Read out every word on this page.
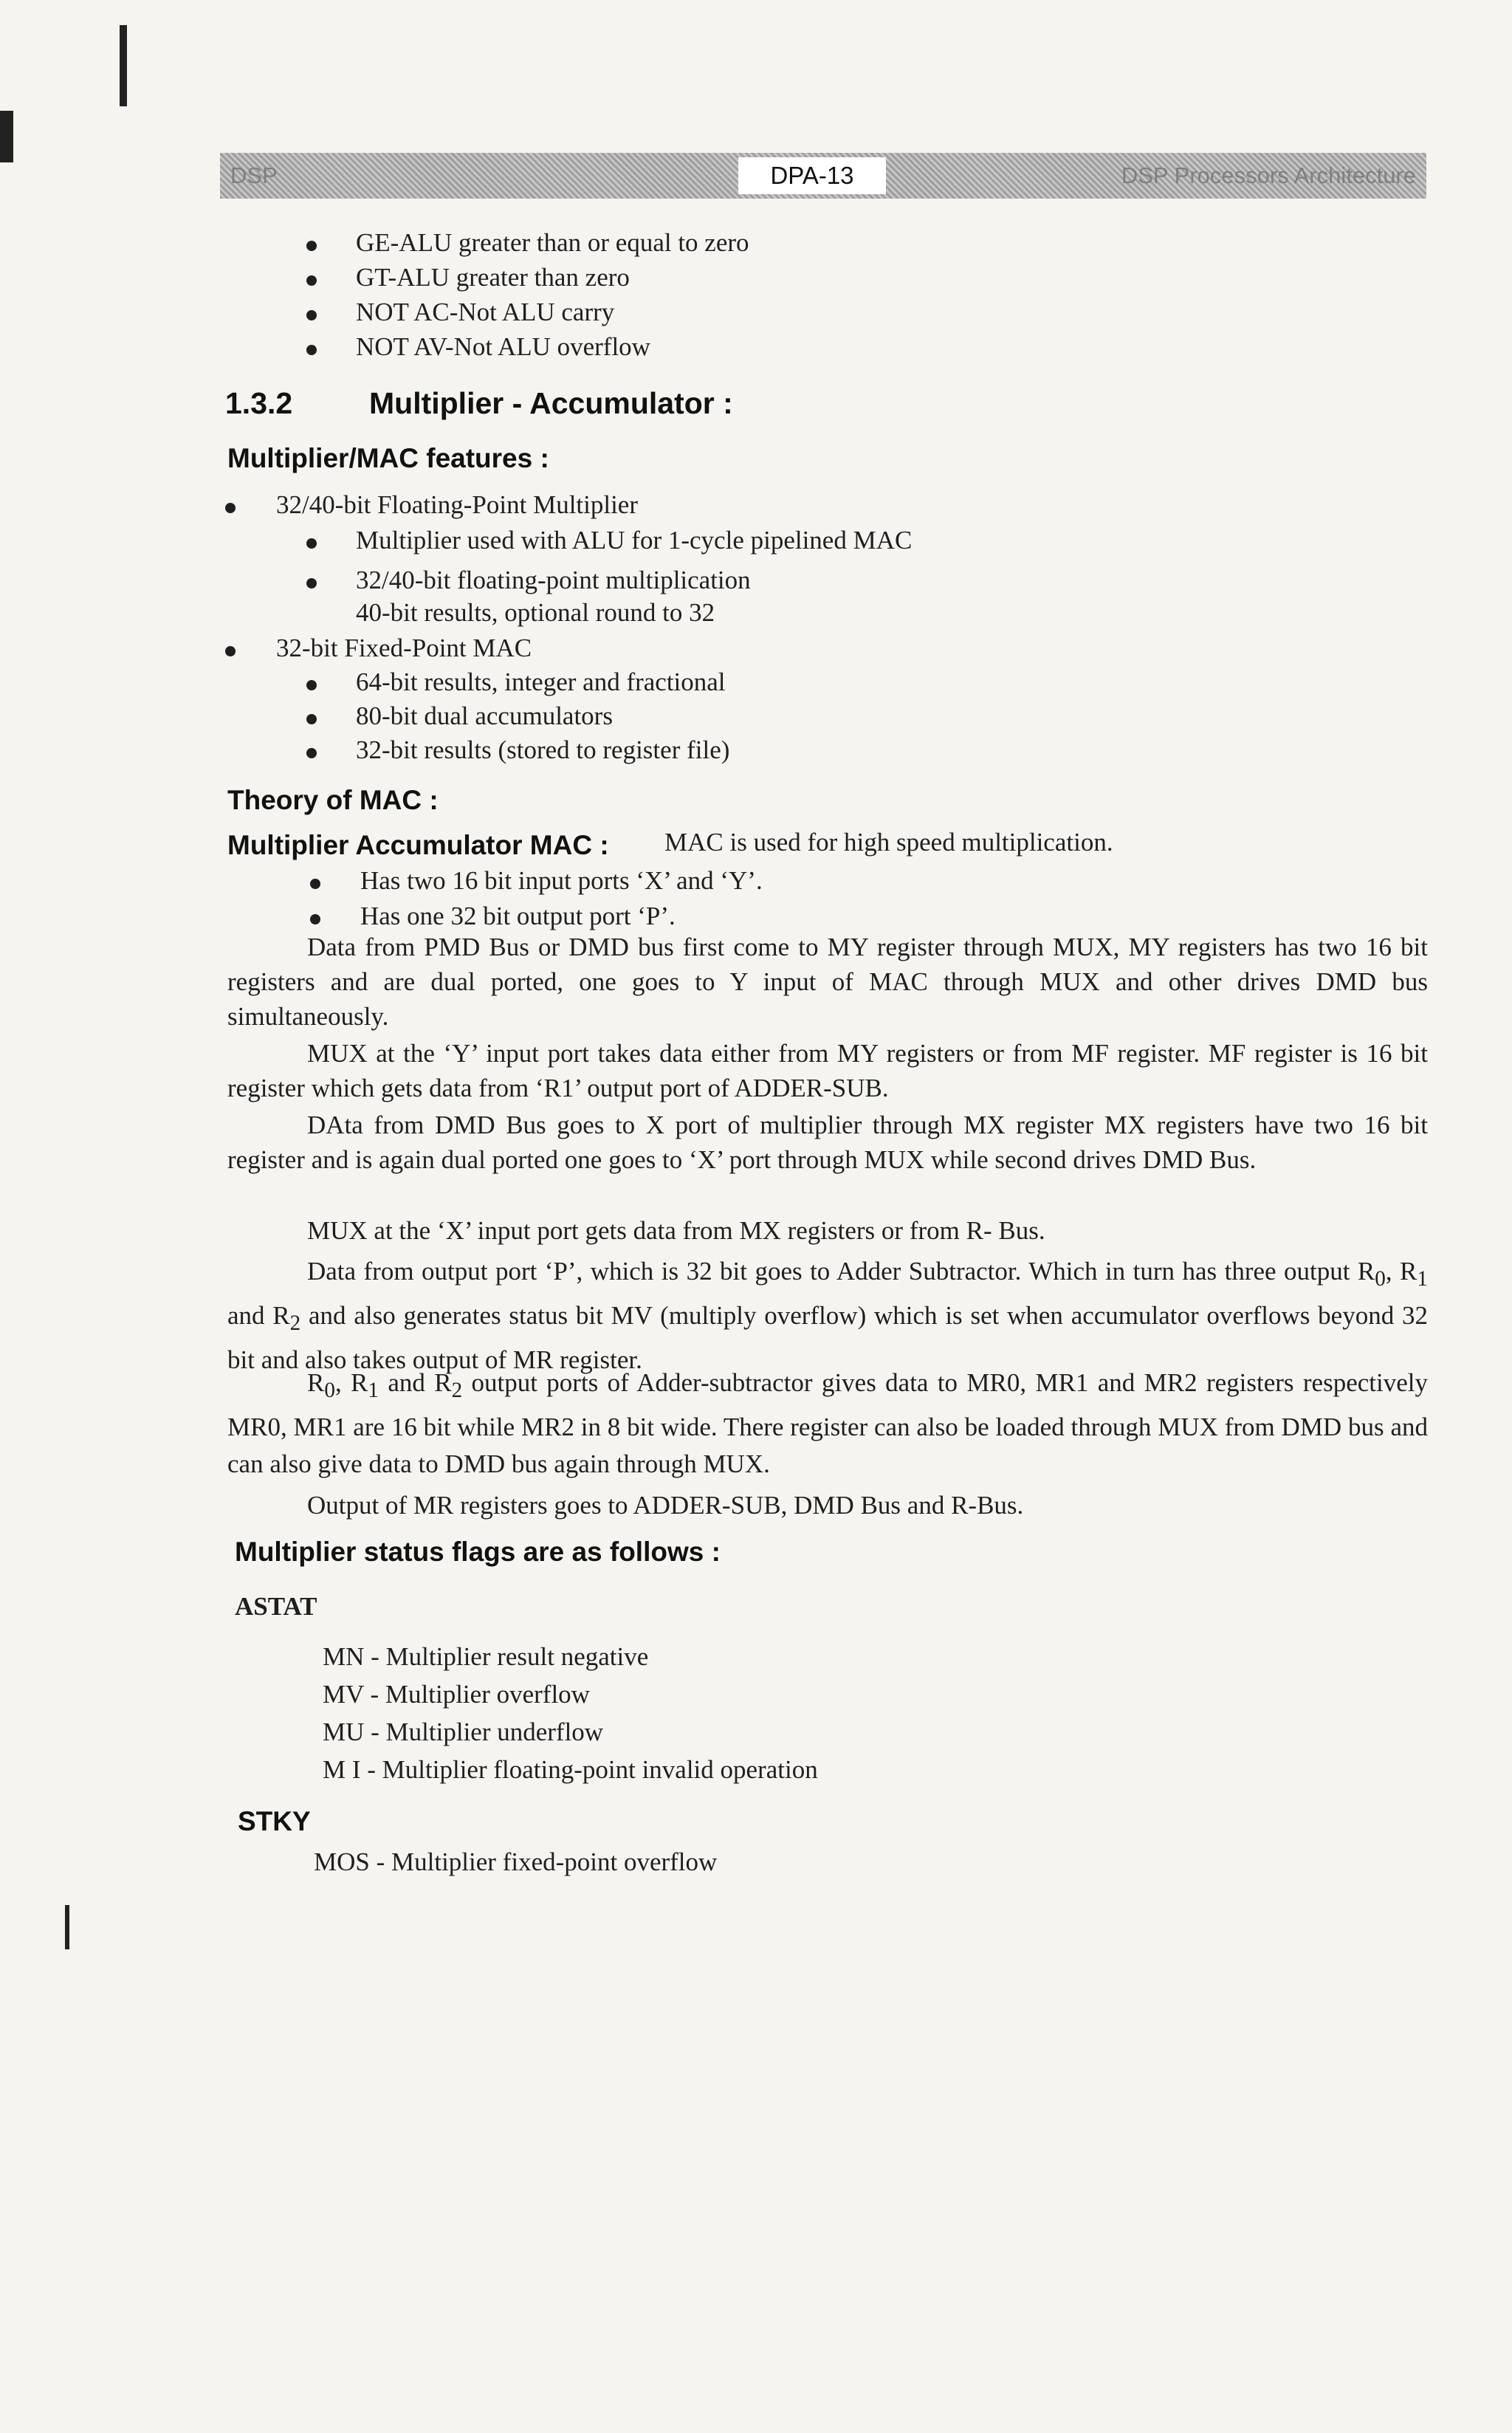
DSP	DPA-13	DSP Processors Architecture
GE-ALU greater than or equal to zero
GT-ALU greater than zero
NOT AC-Not ALU carry
NOT AV-Not ALU overflow
1.3.2	Multiplier - Accumulator :
Multiplier/MAC features :
32/40-bit Floating-Point Multiplier
Multiplier used with ALU for 1-cycle pipelined MAC
32/40-bit floating-point multiplication
40-bit results, optional round to 32
32-bit Fixed-Point MAC
64-bit results, integer and fractional
80-bit dual accumulators
32-bit results (stored to register file)
Theory of MAC :
Multiplier Accumulator MAC : MAC is used for high speed multiplication.
Has two 16 bit input ports ‘X’ and ‘Y’.
Has one 32 bit output port ‘P’.
Data from PMD Bus or DMD bus first come to MY register through MUX, MY registers has two 16 bit registers and are dual ported, one goes to Y input of MAC through MUX and other drives DMD bus simultaneously.
MUX at the ‘Y’ input port takes data either from MY registers or from MF register. MF register is 16 bit register which gets data from ‘R1’ output port of ADDER-SUB.
DAta from DMD Bus goes to X port of multiplier through MX register MX registers have two 16 bit register and is again dual ported one goes to ‘X’ port through MUX while second drives DMD Bus.
MUX at the ‘X’ input port gets data from MX registers or from R- Bus.
Data from output port ‘P’, which is 32 bit goes to Adder Subtractor. Which in turn has three output $R_0$, $R_1$ and $R_2$ and also generates status bit MV (multiply overflow) which is set when accumulator overflows beyond 32 bit and also takes output of MR register.
$R_0$, $R_1$ and $R_2$ output ports of Adder-subtractor gives data to MR0, MR1 and MR2 registers respectively MR0, MR1 are 16 bit while MR2 in 8 bit wide. There register can also be loaded through MUX from DMD bus and can also give data to DMD bus again through MUX.
Output of MR registers goes to ADDER-SUB, DMD Bus and R-Bus.
Multiplier status flags are as follows :
ASTAT
MN - Multiplier result negative
MV - Multiplier overflow
MU - Multiplier underflow
M I - Multiplier floating-point invalid operation
STKY
MOS - Multiplier fixed-point overflow
